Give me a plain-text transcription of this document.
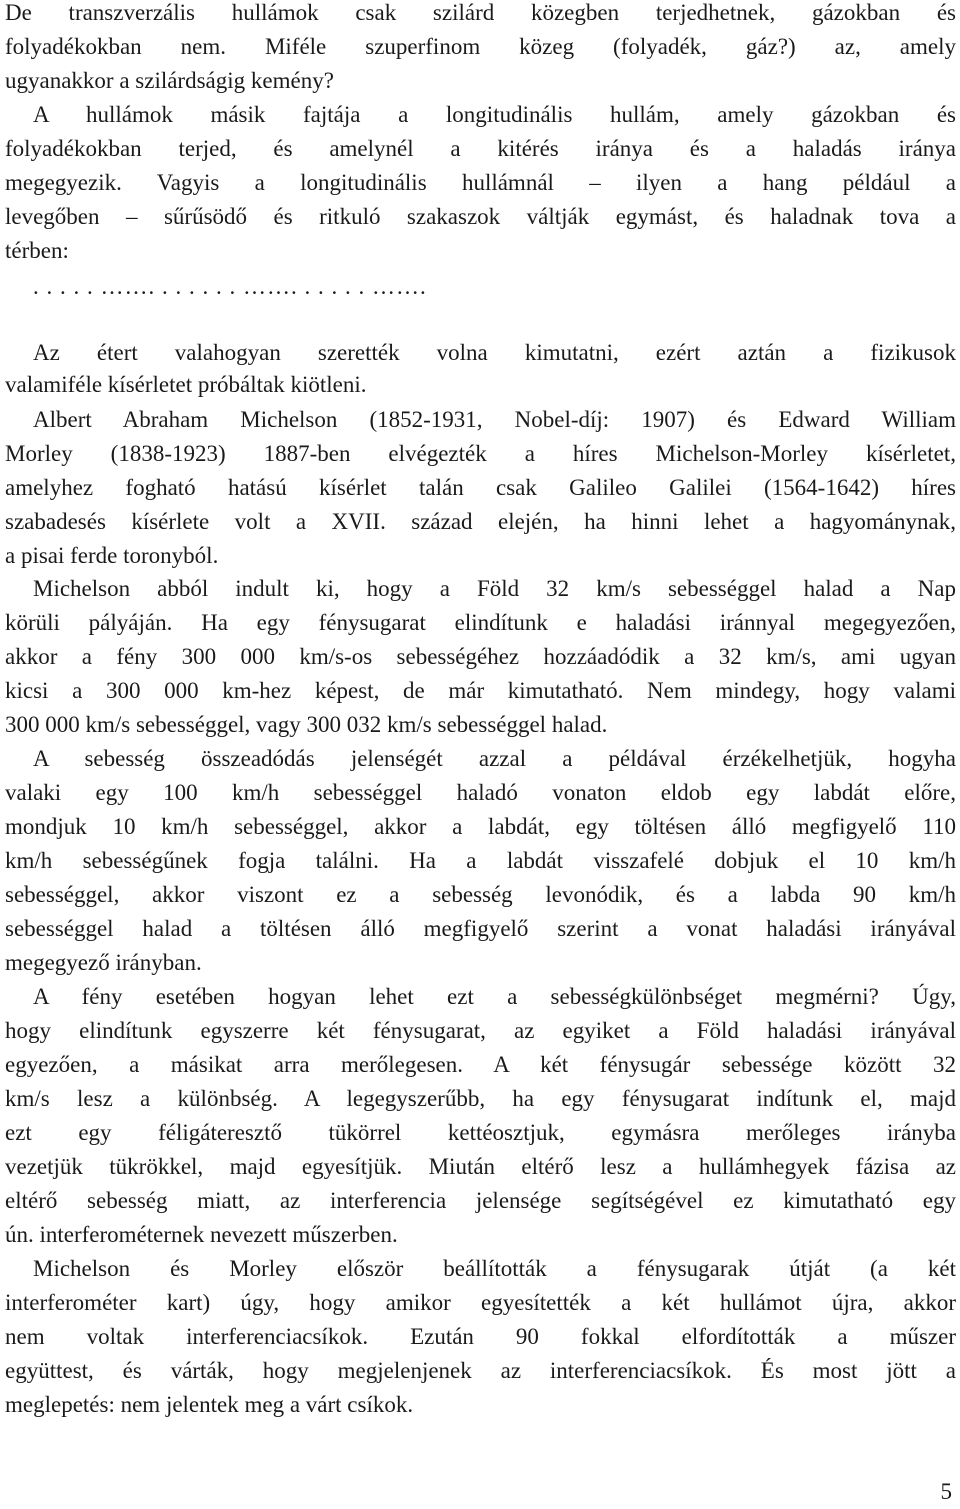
De transzverzális hullámok csak szilárd közegben terjedhetnek, gázokban és
folyadékokban nem. Miféle szuperfinom közeg (folyadék, gáz?) az, amely
ugyanakkor a szilárdságig kemény?
A hullámok másik fajtája a longitudinális hullám, amely gázokban és
folyadékokban terjed, és amelynél a kitérés iránya és a haladás iránya
megegyezik. Vagyis a longitudinális hullámnál – ilyen a hang például a
levegőben – sűrűsödő és ritkuló szakaszok váltják egymást, és haladnak tova a
térben:
. . . . . ……. . . . . . . ……. . . . . . …….
Az étert valahogyan szerették volna kimutatni, ezért aztán a fizikusok
valamiféle kísérletet próbáltak kiötleni.
Albert Abraham Michelson (1852-1931, Nobel-díj: 1907) és Edward William
Morley (1838-1923) 1887-ben elvégezték a híres Michelson-Morley kísérletet,
amelyhez fogható hatású kísérlet talán csak Galileo Galilei (1564-1642) híres
szabadesés kísérlete volt a XVII. század elején, ha hinni lehet a hagyománynak,
a pisai ferde toronyból.
Michelson abból indult ki, hogy a Föld 32 km/s sebességgel halad a Nap
körüli pályáján. Ha egy fénysugarat elindítunk e haladási iránnyal megegyezően,
akkor a fény 300 000 km/s-os sebességéhez hozzáadódik a 32 km/s, ami ugyan
kicsi a 300 000 km-hez képest, de már kimutatható. Nem mindegy, hogy valami
300 000 km/s sebességgel, vagy 300 032 km/s sebességgel halad.
A sebesség összeadódás jelenségét azzal a példával érzékelhetjük, hogyha
valaki egy 100 km/h sebességgel haladó vonaton eldob egy labdát előre,
mondjuk 10 km/h sebességgel, akkor a labdát, egy töltésen álló megfigyelő 110
km/h sebességűnek fogja találni. Ha a labdát visszafelé dobjuk el 10 km/h
sebességgel, akkor viszont ez a sebesség levonódik, és a labda 90 km/h
sebességgel halad a töltésen álló megfigyelő szerint a vonat haladási irányával
megegyező irányban.
A fény esetében hogyan lehet ezt a sebességkülönbséget megmérni? Úgy,
hogy elindítunk egyszerre két fénysugarat, az egyiket a Föld haladási irányával
egyezően, a másikat arra merőlegesen. A két fénysugár sebessége között 32
km/s lesz a különbség. A legegyszerűbb, ha egy fénysugarat indítunk el, majd
ezt egy féligáteresztő tükörrel kettéosztjuk, egymásra merőleges irányba
vezetjük tükrökkel, majd egyesítjük. Miután eltérő lesz a hullámhegyek fázisa az
eltérő sebesség miatt, az interferencia jelensége segítségével ez kimutatható egy
ún. interferométernek nevezett műszerben.
Michelson és Morley először beállították a fénysugarak útját (a két
interferométer kart) úgy, hogy amikor egyesítették a két hullámot újra, akkor
nem voltak interferenciacsíkok. Ezután 90 fokkal elfordították a műszer
együttest, és várták, hogy megjelenjenek az interferenciacsíkok. És most jött a
meglepetés: nem jelentek meg a várt csíkok.
5
